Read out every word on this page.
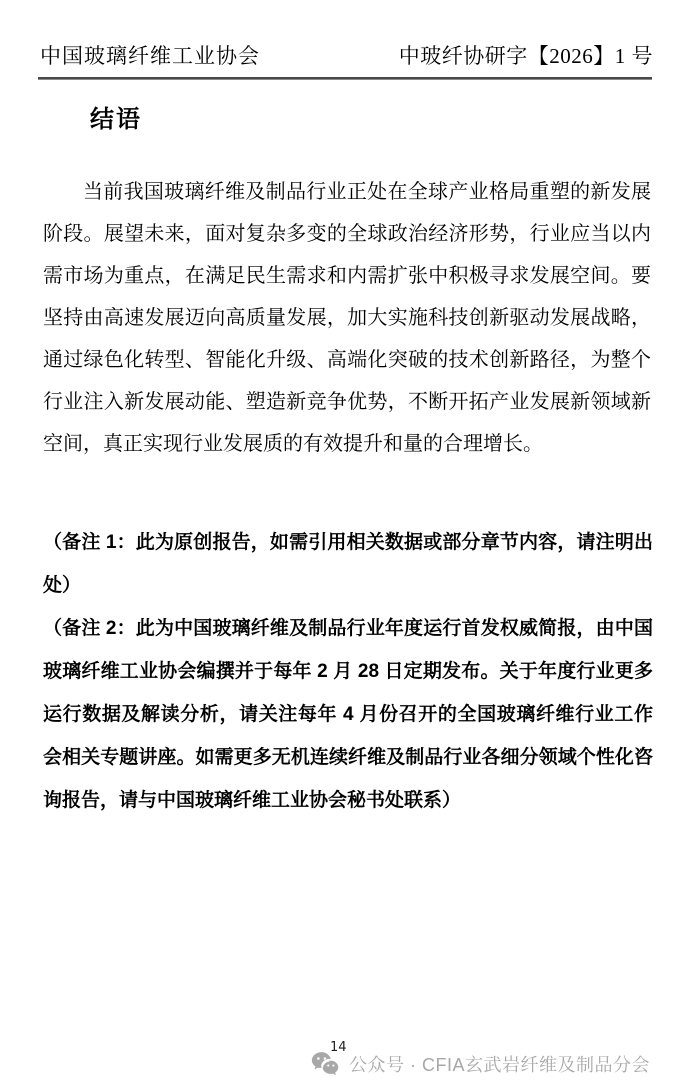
中国玻璃纤维工业协会	中玻纤协研字【2026】1 号
结语
当前我国玻璃纤维及制品行业正处在全球产业格局重塑的新发展阶段。展望未来，面对复杂多变的全球政治经济形势，行业应当以内需市场为重点，在满足民生需求和内需扩张中积极寻求发展空间。要坚持由高速发展迈向高质量发展，加大实施科技创新驱动发展战略，通过绿色化转型、智能化升级、高端化突破的技术创新路径，为整个行业注入新发展动能、塑造新竞争优势，不断开拓产业发展新领域新空间，真正实现行业发展质的有效提升和量的合理增长。

（备注 1：此为原创报告，如需引用相关数据或部分章节内容，请注明出处）

（备注 2：此为中国玻璃纤维及制品行业年度运行首发权威简报，由中国玻璃纤维工业协会编撰并于每年 2 月 28 日定期发布。关于年度行业更多运行数据及解读分析，请关注每年 4 月份召开的全国玻璃纤维行业工作会相关专题讲座。如需更多无机连续纤维及制品行业各细分领域个性化咨询报告，请与中国玻璃纤维工业协会秘书处联系）

14
公众号 · CFIA玄武岩纤维及制品分会
